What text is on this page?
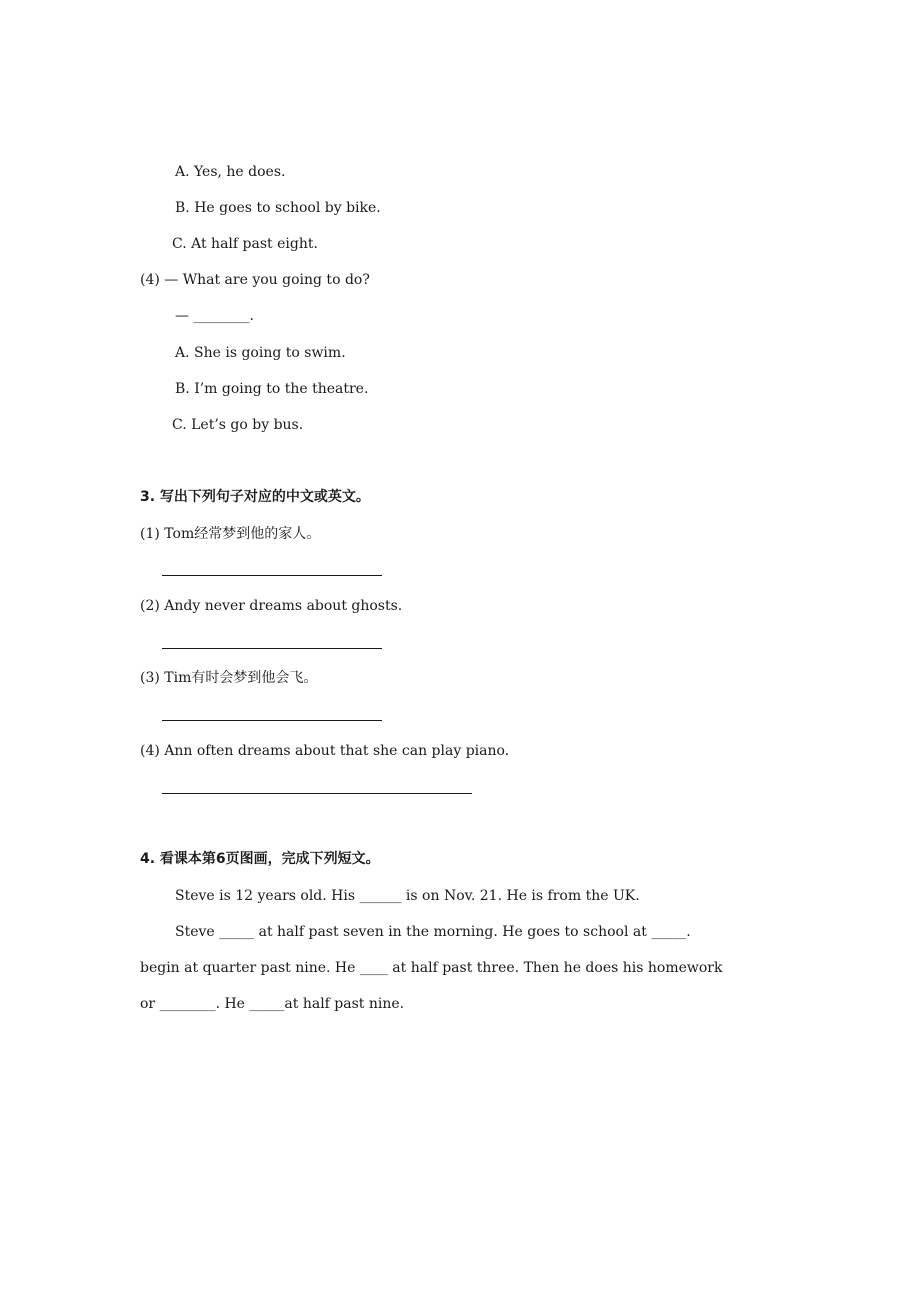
A. Yes, he does.
B. He goes to school by bike.
C. At half past eight.
(4) — What are you going to do?
— ________.
A. She is going to swim.
B. I’m going to the theatre.
C. Let’s go by bus.
3. 写出下列句子对应的中文或英文。
(1) Tom经常梦到他的家人。
(2) Andy never dreams about ghosts.
(3) Tim有时会梦到他会飞。
(4) Ann often dreams about that she can play piano.
4. 看课本第6页图画，完成下列短文。
Steve is 12 years old. His ______ is on Nov. 21. He is from the UK.
Steve _____ at half past seven in the morning. He goes to school at _____.
begin at quarter past nine. He ____ at half past three. Then he does his homework
or ________. He _____at half past nine.
